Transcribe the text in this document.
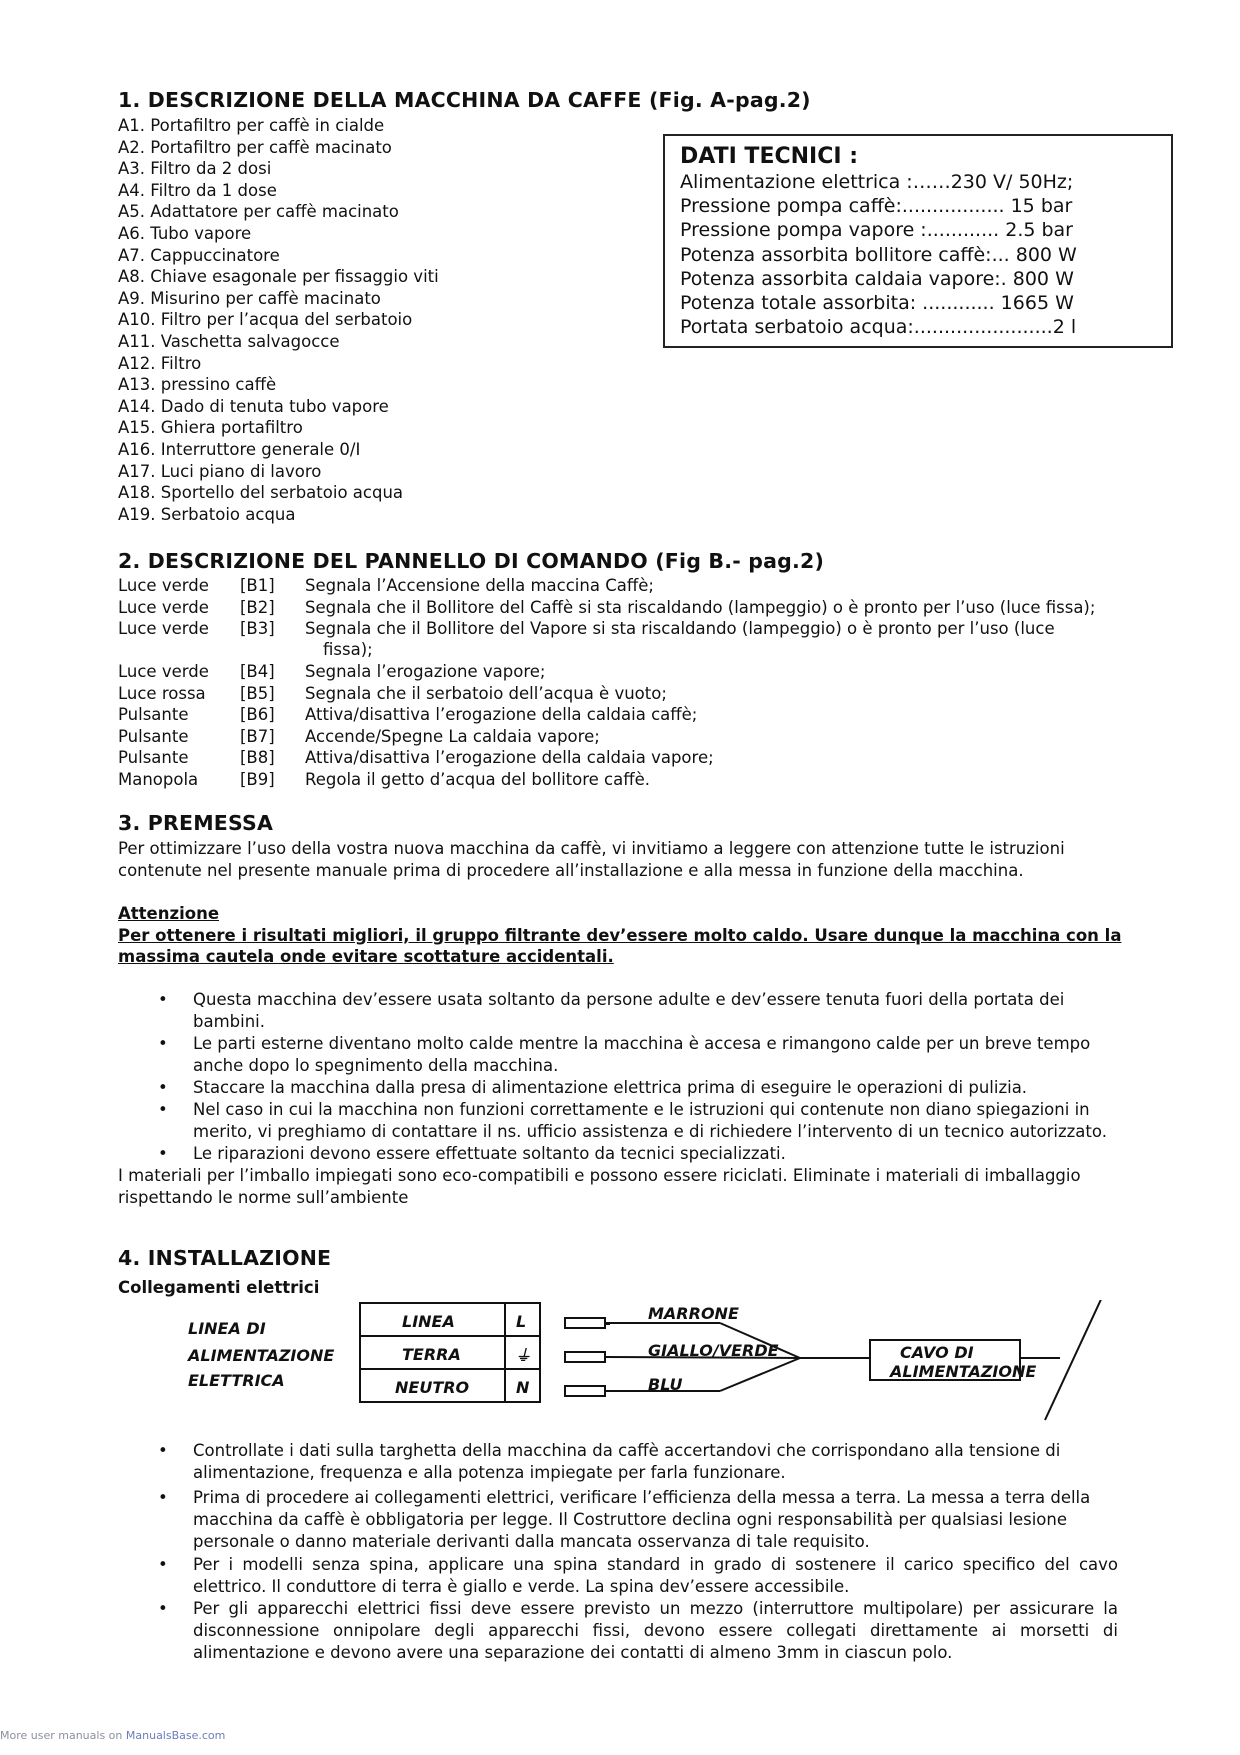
1. DESCRIZIONE DELLA MACCHINA DA CAFFE (Fig. A-pag.2)
A1. Portafiltro per caffè in cialde
A2. Portafiltro per caffè macinato
A3. Filtro da 2 dosi
A4. Filtro da 1 dose
A5. Adattatore per caffè macinato
A6. Tubo vapore
A7. Cappuccinatore
A8. Chiave esagonale per fissaggio viti
A9. Misurino per caffè macinato
A10. Filtro per l’acqua del serbatoio
A11. Vaschetta salvagocce
A12. Filtro
A13. pressino caffè
A14. Dado di tenuta tubo vapore
A15. Ghiera portafiltro
A16. Interruttore generale 0/I
A17. Luci piano di lavoro
A18. Sportello del serbatoio acqua
A19. Serbatoio acqua
DATI TECNICI :
Alimentazione elettrica :……230 V/ 50Hz;
Pressione pompa caffè:................. 15 bar
Pressione pompa vapore :............ 2.5 bar
Potenza assorbita bollitore caffè:... 800 W
Potenza assorbita caldaia vapore:. 800 W
Potenza totale assorbita: ............ 1665 W
Portata serbatoio acqua:.......................2 l
2. DESCRIZIONE DEL PANNELLO DI COMANDO (Fig B.- pag.2)
Luce verde [B1] Segnala l’Accensione della maccina Caffè;
Luce verde [B2] Segnala che il Bollitore del Caffè si sta riscaldando (lampeggio) o è pronto per l’uso (luce fissa);
Luce verde [B3] Segnala che il Bollitore del Vapore si sta riscaldando (lampeggio) o è pronto per l’uso (luce
fissa);
Luce verde [B4] Segnala l’erogazione vapore;
Luce rossa [B5] Segnala che il serbatoio dell’acqua è vuoto;
Pulsante	[B6] Attiva/disattiva l’erogazione della caldaia caffè;
Pulsante	[B7] Accende/Spegne La caldaia vapore;
Pulsante	[B8] Attiva/disattiva l’erogazione della caldaia vapore;
Manopola	[B9] Regola il getto d’acqua del bollitore caffè.
3. PREMESSA
Per ottimizzare l’uso della vostra nuova macchina da caffè, vi invitiamo a leggere con attenzione tutte le istruzioni
contenute nel presente manuale prima di procedere all’installazione e alla messa in funzione della macchina.
Attenzione
Per ottenere i risultati migliori, il gruppo filtrante dev’essere molto caldo. Usare dunque la macchina con la
massima cautela onde evitare scottature accidentali.
• Questa macchina dev’essere usata soltanto da persone adulte e dev’essere tenuta fuori della portata dei
bambini.
• Le parti esterne diventano molto calde mentre la macchina è accesa e rimangono calde per un breve tempo
anche dopo lo spegnimento della macchina.
• Staccare la macchina dalla presa di alimentazione elettrica prima di eseguire le operazioni di pulizia.
• Nel caso in cui la macchina non funzioni correttamente e le istruzioni qui contenute non diano spiegazioni in
merito, vi preghiamo di contattare il ns. ufficio assistenza e di richiedere l’intervento di un tecnico autorizzato.
• Le riparazioni devono essere effettuate soltanto da tecnici specializzati.
I materiali per l’imballo impiegati sono eco-compatibili e possono essere riciclati. Eliminate i materiali di imballaggio
rispettando le norme sull’ambiente
4. INSTALLAZIONE
Collegamenti elettrici
LINEA DI
ALIMENTAZIONE
ELETTRICA
LINEA
TERRA
NEUTRO
L
⏚
N
MARRONE
GIALLO/VERDE
BLU
CAVO DI
ALIMENTAZIONE
• Controllate i dati sulla targhetta della macchina da caffè accertandovi che corrispondano alla tensione di
alimentazione, frequenza e alla potenza impiegate per farla funzionare.
• Prima di procedere ai collegamenti elettrici, verificare l’efficienza della messa a terra. La messa a terra della
macchina da caffè è obbligatoria per legge. Il Costruttore declina ogni responsabilità per qualsiasi lesione
personale o danno materiale derivanti dalla mancata osservanza di tale requisito.
• Per i modelli senza spina, applicare una spina standard in grado di sostenere il carico specifico del cavo
elettrico. Il conduttore di terra è giallo e verde. La spina dev’essere accessibile.
• Per gli apparecchi elettrici fissi deve essere previsto un mezzo (interruttore multipolare) per assicurare la
disconnessione onnipolare degli apparecchi fissi, devono essere collegati direttamente ai morsetti di
alimentazione e devono avere una separazione dei contatti di almeno 3mm in ciascun polo.
More user manuals on ManualsBase.com
